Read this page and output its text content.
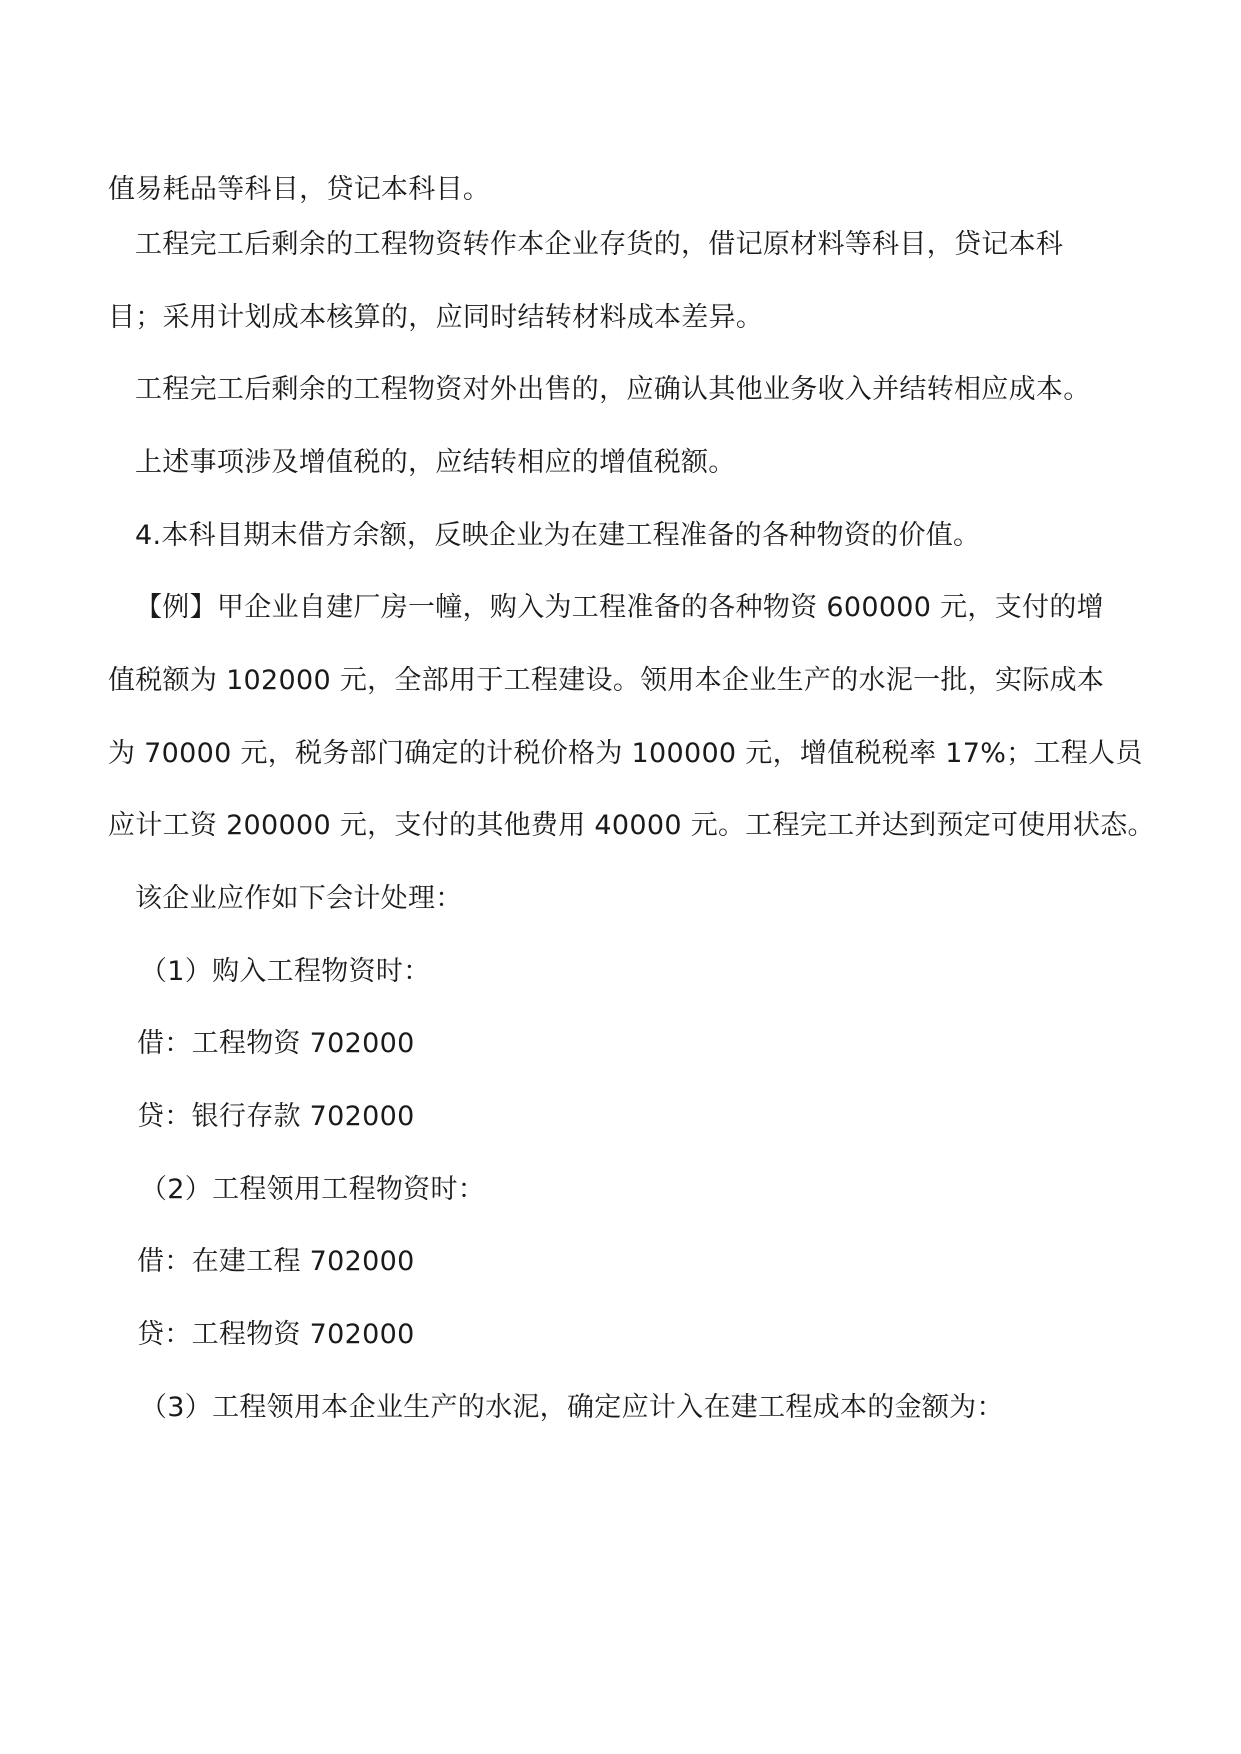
值易耗品等科目，贷记本科目。
工程完工后剩余的工程物资转作本企业存货的，借记原材料等科目，贷记本科
目；采用计划成本核算的，应同时结转材料成本差异。
工程完工后剩余的工程物资对外出售的，应确认其他业务收入并结转相应成本。
上述事项涉及增值税的，应结转相应的增值税额。
4.本科目期末借方余额，反映企业为在建工程准备的各种物资的价值。
【例】甲企业自建厂房一幢，购入为工程准备的各种物资 600000 元，支付的增
值税额为 102000 元，全部用于工程建设。领用本企业生产的水泥一批，实际成本
为 70000 元，税务部门确定的计税价格为 100000 元，增值税税率 17%；工程人员
应计工资 200000 元，支付的其他费用 40000 元。工程完工并达到预定可使用状态。
该企业应作如下会计处理：
（1）购入工程物资时：
借：工程物资 702000
贷：银行存款 702000
（2）工程领用工程物资时：
借：在建工程 702000
贷：工程物资 702000
（3）工程领用本企业生产的水泥，确定应计入在建工程成本的金额为：
